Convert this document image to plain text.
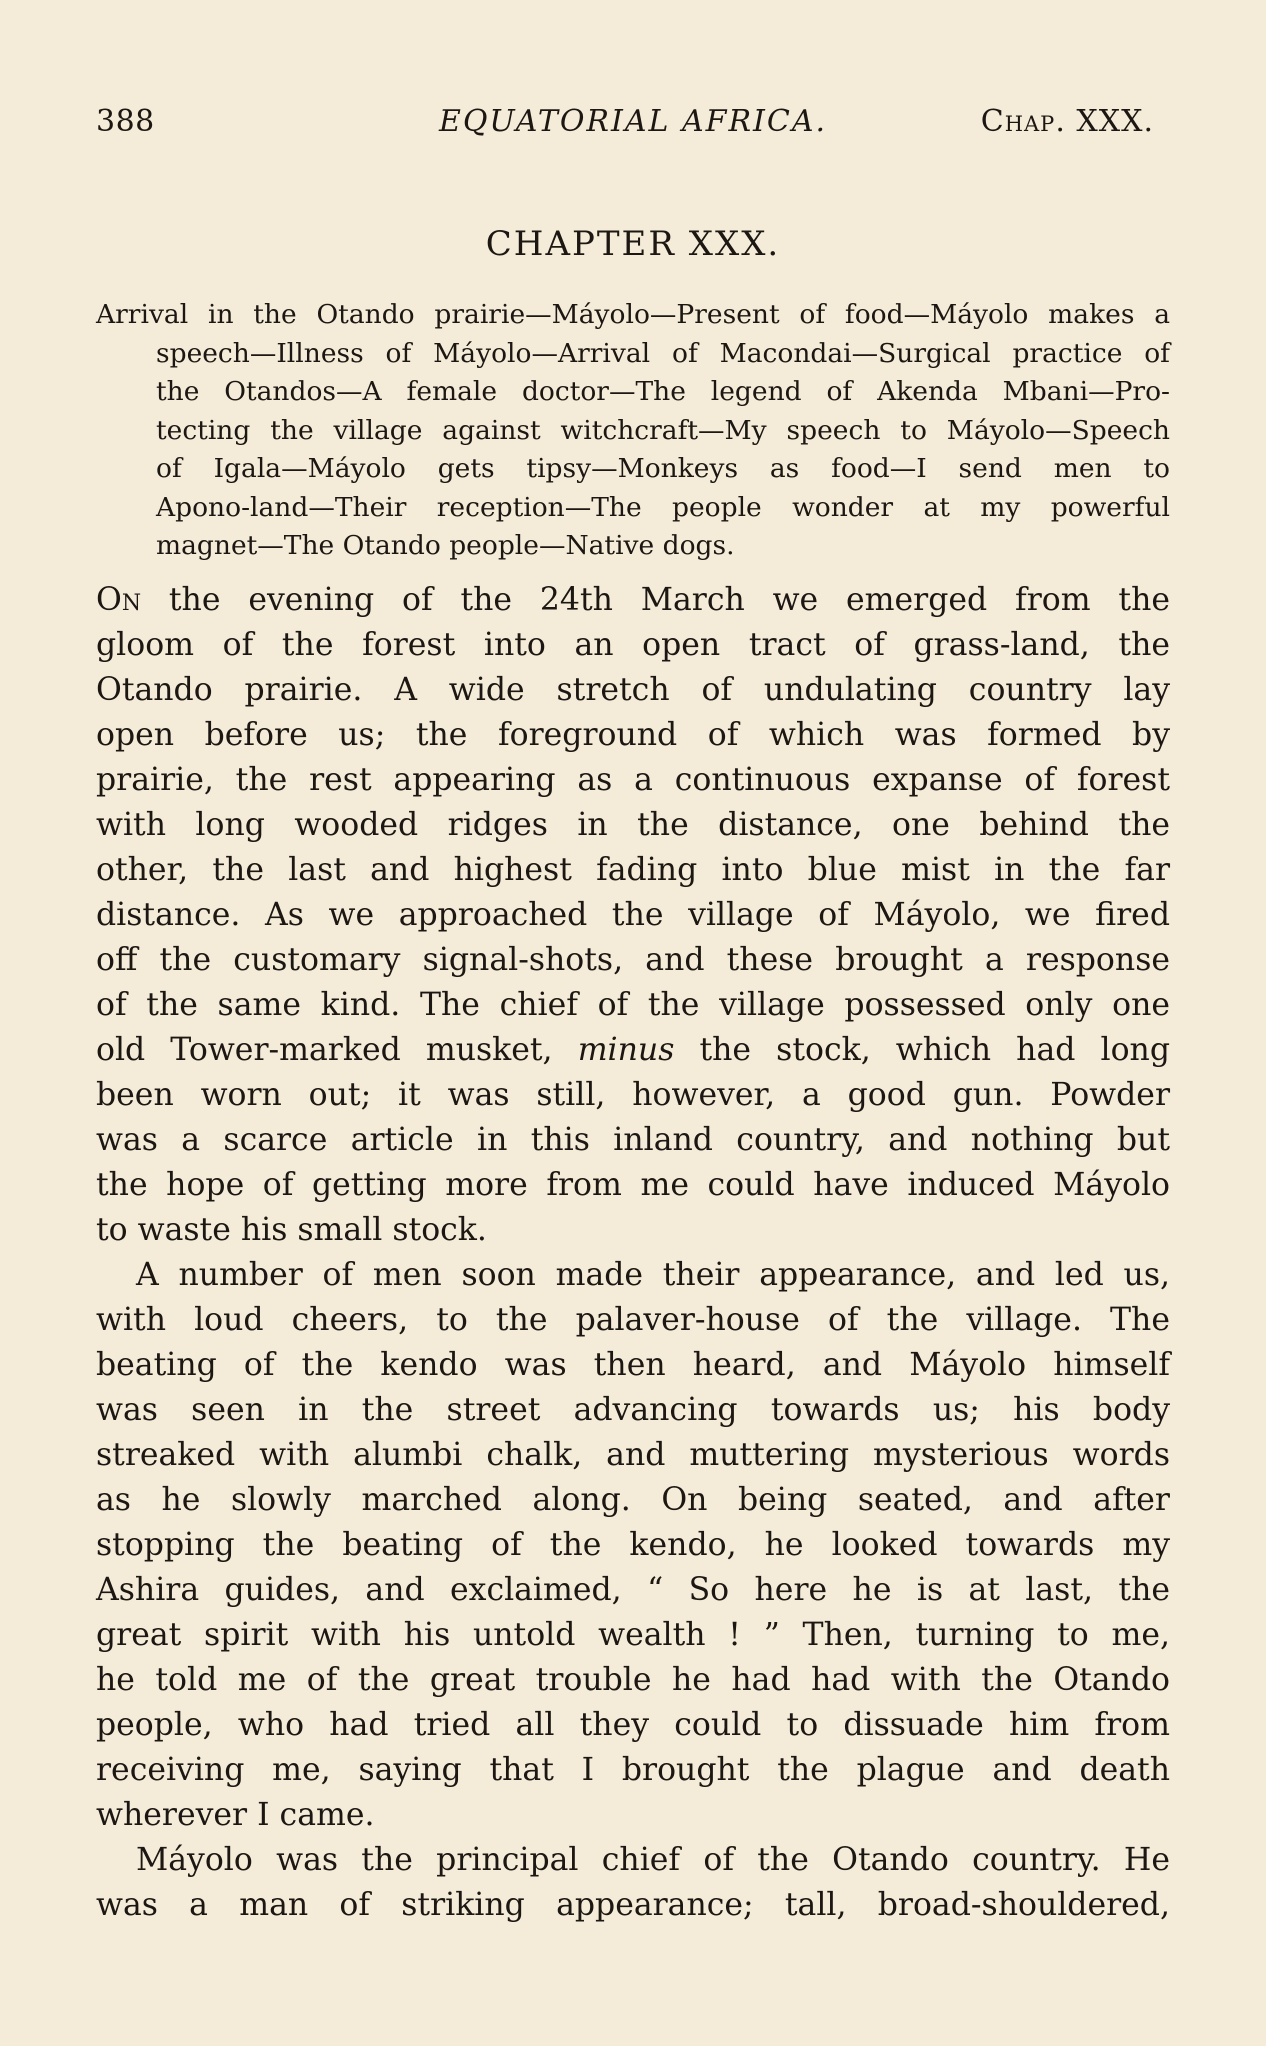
388	EQUATORIAL AFRICA.	Chap. XXX.
CHAPTER XXX.
Arrival in the Otando prairie—Máyolo—Present of food—Máyolo makes a
speech—Illness of Máyolo—Arrival of Macondai—Surgical practice of
the Otandos—A female doctor—The legend of Akenda Mbani—Pro-
tecting the village against witchcraft—My speech to Máyolo—Speech
of Igala—Máyolo gets tipsy—Monkeys as food—I send men to
Apono-land—Their reception—The people wonder at my powerful
magnet—The Otando people—Native dogs.
On the evening of the 24th March we emerged from the
gloom of the forest into an open tract of grass-land, the
Otando prairie. A wide stretch of undulating country lay
open before us; the foreground of which was formed by
prairie, the rest appearing as a continuous expanse of forest
with long wooded ridges in the distance, one behind the
other, the last and highest fading into blue mist in the far
distance. As we approached the village of Máyolo, we fired
off the customary signal-shots, and these brought a response
of the same kind. The chief of the village possessed only one
old Tower-marked musket, minus the stock, which had long
been worn out; it was still, however, a good gun. Powder
was a scarce article in this inland country, and nothing but
the hope of getting more from me could have induced Máyolo
to waste his small stock.
A number of men soon made their appearance, and led us,
with loud cheers, to the palaver-house of the village. The
beating of the kendo was then heard, and Máyolo himself
was seen in the street advancing towards us; his body
streaked with alumbi chalk, and muttering mysterious words
as he slowly marched along. On being seated, and after
stopping the beating of the kendo, he looked towards my
Ashira guides, and exclaimed, “ So here he is at last, the
great spirit with his untold wealth ! ” Then, turning to me,
he told me of the great trouble he had had with the Otando
people, who had tried all they could to dissuade him from
receiving me, saying that I brought the plague and death
wherever I came.
Máyolo was the principal chief of the Otando country. He
was a man of striking appearance; tall, broad-shouldered,
